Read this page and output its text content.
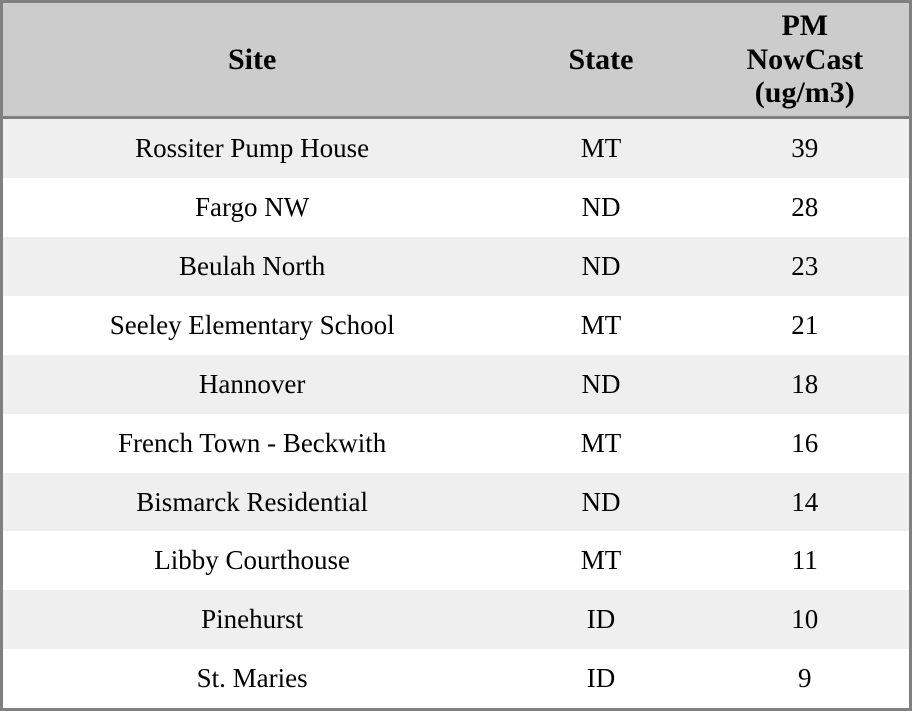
Site	State	PM
NowCast
(ug/m3)

Rossiter Pump House	MT	39
Fargo NW	ND	28
Beulah North	ND	23
Seeley Elementary School	MT	21
Hannover	ND	18
French Town - Beckwith	MT	16
Bismarck Residential	ND	14
Libby Courthouse	MT	11
Pinehurst	ID	10
St. Maries	ID	9
